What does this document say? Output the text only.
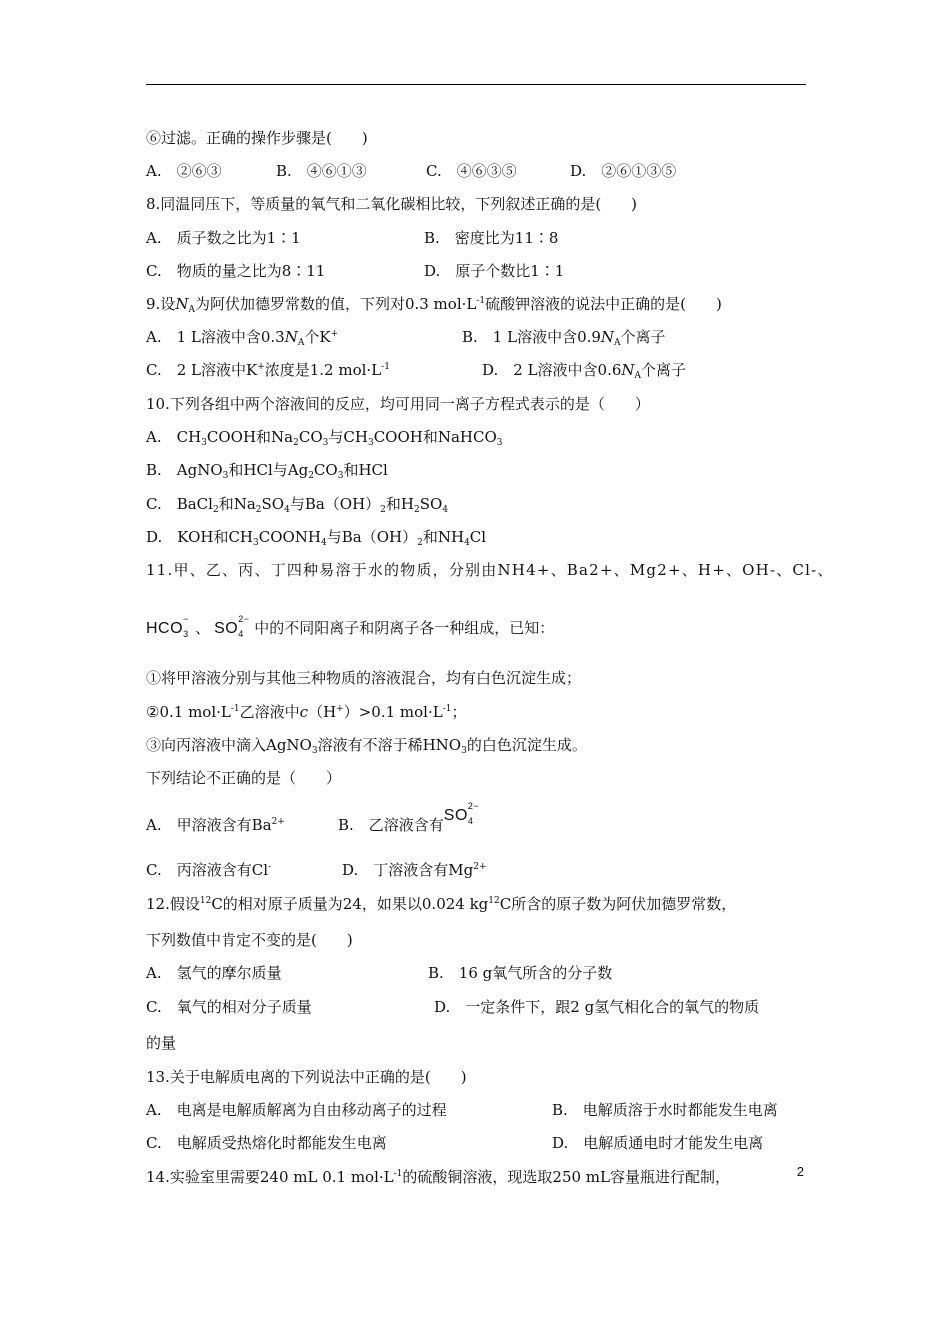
⑥过滤。正确的操作步骤是(　　)
A.　②⑥③	B.　④⑥①③	C.　④⑥③⑤	D.　②⑥①③⑤
8.同温同压下，等质量的氧气和二氧化碳相比较，下列叙述正确的是(　　)
A.　质子数之比为1∶1	B.　密度比为11∶8
C.　物质的量之比为8∶11	D.　原子个数比1∶1
9.设$N_A$为阿伏加德罗常数的值，下列对0.3 $mol\cdot L^{-1}$硫酸钾溶液的说法中正确的是(　　)
A.　1 L溶液中含$0.3N_A$个K+	B.　1 L溶液中含$0.9N_A$个离子
C.　2 L溶液中K+浓度是1.2 $mol\cdot L^{-1}$	D.　2 L溶液中含$0.6N_A$个离子
10.下列各组中两个溶液间的反应，均可用同一离子方程式表示的是（　　）
A.　$CH_3COOH$和$Na_2CO_3$与$CH_3COOH$和NaHCO$_3$
B.　AgNO$_3$和HCl与$Ag_2CO_3$和HCl
C.　BaCl$_2$和$Na_2SO_4$与$Ba(OH)_2$和$H_2SO_4$
D.　KOH和$CH_3COONH_4$与$Ba(OH)_2$和$NH_4Cl$
11.甲、乙、丙、丁四种易溶于水的物质，分别由NH4+、Ba2+、Mg2+、H+、OH-、Cl-、
HCO
−
3 、 SO
2−
4 中的不同阳离子和阴离子各一种组成，已知：
①将甲溶液分别与其他三种物质的溶液混合，均有白色沉淀生成；
②0.1 $mol\cdot L^{-1}$乙溶液中c（H+）>0.1 $mol\cdot L^{-1}$；
③向丙溶液中滴入AgNO$_3$溶液有不溶于稀$HNO_3$的白色沉淀生成。
下列结论不正确的是（　　）
A.　甲溶液含有$Ba^{2+}$	B.　乙溶液含有SO
2−
4
C.　丙溶液含有Cl-	D.　丁溶液含有$Mg^{2+}$
12.假设$^{12}$C的相对原子质量为24，如果以0.024 $kg^{12}C$所含的原子数为阿伏加德罗常数，
下列数值中肯定不变的是(　　)
A.　氢气的摩尔质量	B.　16 g氧气所含的分子数
C.　氧气的相对分子质量	D.　一定条件下，跟2 g氢气相化合的氧气的物质
的量
13.关于电解质电离的下列说法中正确的是(　　)
A.　电离是电解质解离为自由移动离子的过程	B.　电解质溶于水时都能发生电离
C.　电解质受热熔化时都能发生电离	D.　电解质通电时才能发生电离
14.实验室里需要240 mL 0.1 $mol\cdot L^{-1}$的硫酸铜溶液，现选取250 mL容量瓶进行配制，	2
